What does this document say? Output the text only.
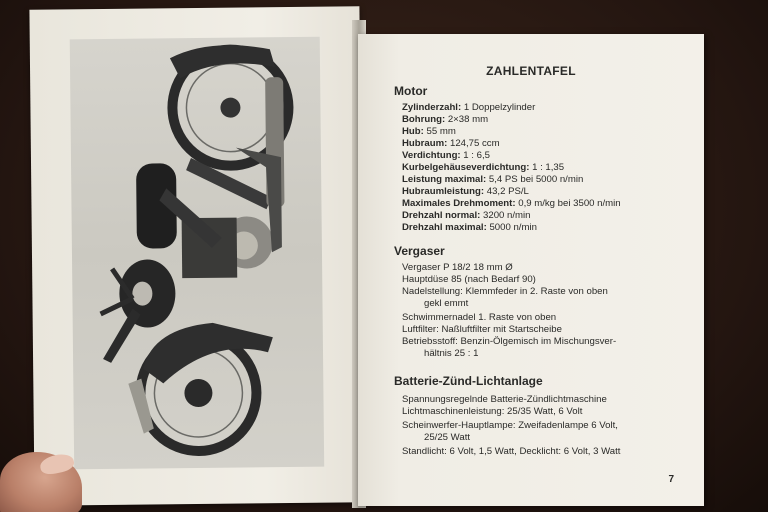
ZAHLENTAFEL
Motor
Zylinderzahl: 1 Doppelzylinder
Bohrung: 2×38 mm
Hub: 55 mm
Hubraum: 124,75 ccm
Verdichtung: 1 : 6,5
Kurbelgehäuseverdichtung: 1 : 1,35
Leistung maximal: 5,4 PS bei 5000 n/min
Hubraumleistung: 43,2 PS/L
Maximales Drehmoment: 0,9 m/kg bei 3500 n/min
Drehzahl normal: 3200 n/min
Drehzahl maximal: 5000 n/min
Vergaser
Vergaser P 18/2 18 mm Ø
Hauptdüse 85 (nach Bedarf 90)
Nadelstellung: Klemmfeder in 2. Raste von oben
gekl emmt
Schwimmernadel 1. Raste von oben
Luftfilter: Naßluftfilter mit Startscheibe
Betriebsstoff: Benzin-Ölgemisch im Mischungsver-
hältnis 25 : 1
Batterie-Zünd-Lichtanlage
Spannungsregelnde Batterie-Zündlichtmaschine
Lichtmaschinenleistung: 25/35 Watt, 6 Volt
Scheinwerfer-Hauptlampe: Zweifadenlampe 6 Volt,
25/25 Watt
Standlicht: 6 Volt, 1,5 Watt, Decklicht: 6 Volt, 3 Watt
7
